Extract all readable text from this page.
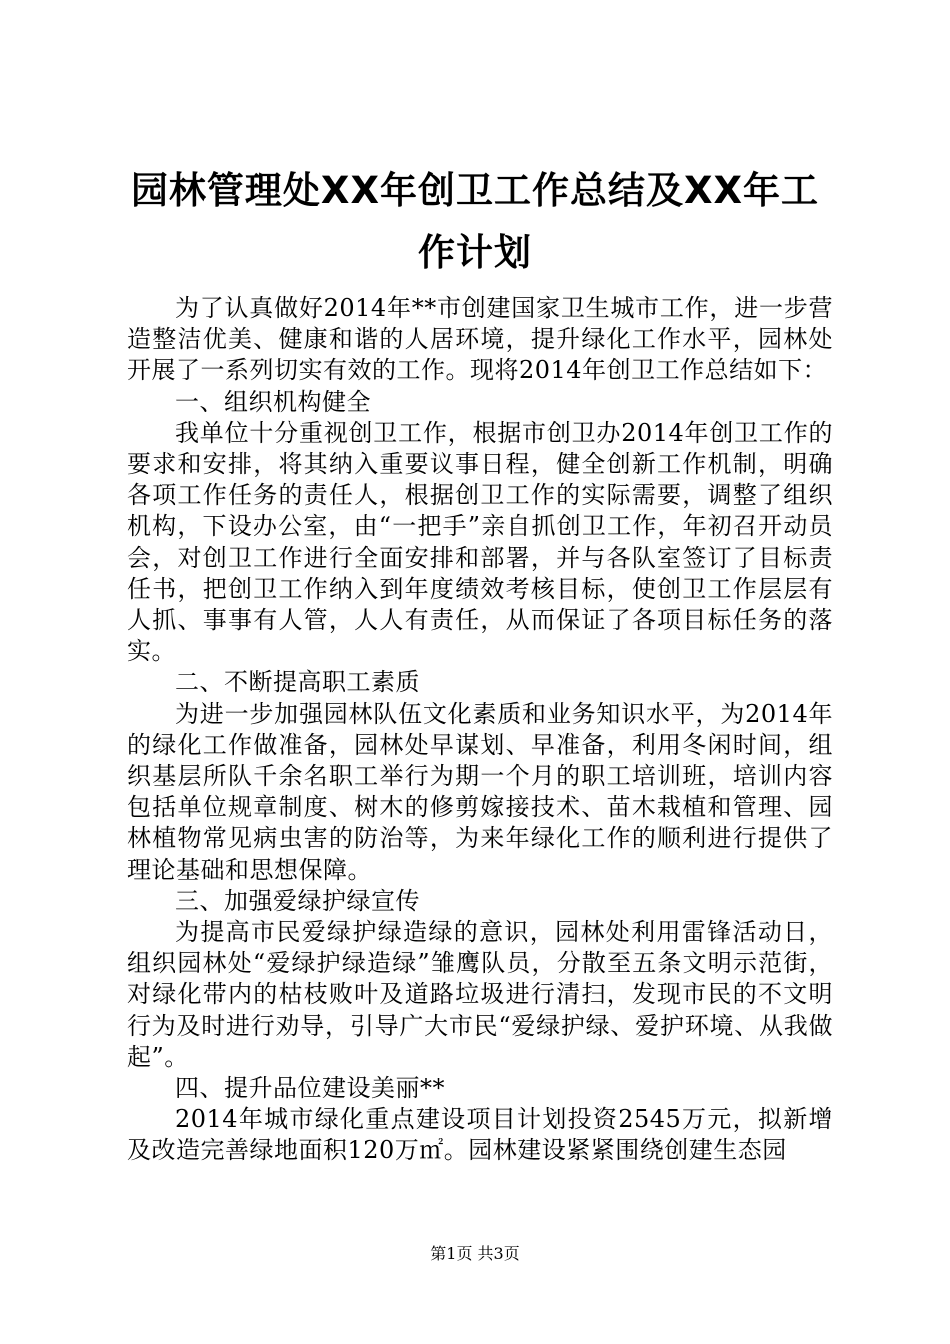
园林管理处XX年创卫工作总结及XX年工作计划

为了认真做好2014年**市创建国家卫生城市工作，进一步营造整洁优美、健康和谐的人居环境，提升绿化工作水平，园林处开展了一系列切实有效的工作。现将2014年创卫工作总结如下：

一、组织机构健全

我单位十分重视创卫工作，根据市创卫办2014年创卫工作的要求和安排，将其纳入重要议事日程，健全创新工作机制，明确各项工作任务的责任人，根据创卫工作的实际需要，调整了组织机构，下设办公室，由“一把手”亲自抓创卫工作，年初召开动员会，对创卫工作进行全面安排和部署，并与各队室签订了目标责任书，把创卫工作纳入到年度绩效考核目标，使创卫工作层层有人抓、事事有人管，人人有责任，从而保证了各项目标任务的落实。

二、不断提高职工素质

为进一步加强园林队伍文化素质和业务知识水平，为2014年的绿化工作做准备，园林处早谋划、早准备，利用冬闲时间，组织基层所队千余名职工举行为期一个月的职工培训班，培训内容包括单位规章制度、树木的修剪嫁接技术、苗木栽植和管理、园林植物常见病虫害的防治等，为来年绿化工作的顺利进行提供了理论基础和思想保障。

三、加强爱绿护绿宣传

为提高市民爱绿护绿造绿的意识，园林处利用雷锋活动日，组织园林处“爱绿护绿造绿”雏鹰队员，分散至五条文明示范街，对绿化带内的枯枝败叶及道路垃圾进行清扫，发现市民的不文明行为及时进行劝导，引导广大市民“爱绿护绿、爱护环境、从我做起”。

四、提升品位建设美丽**

2014年城市绿化重点建设项目计划投资2545万元，拟新增及改造完善绿地面积120万㎡。园林建设紧紧围绕创建生态园

第1页 共3页
